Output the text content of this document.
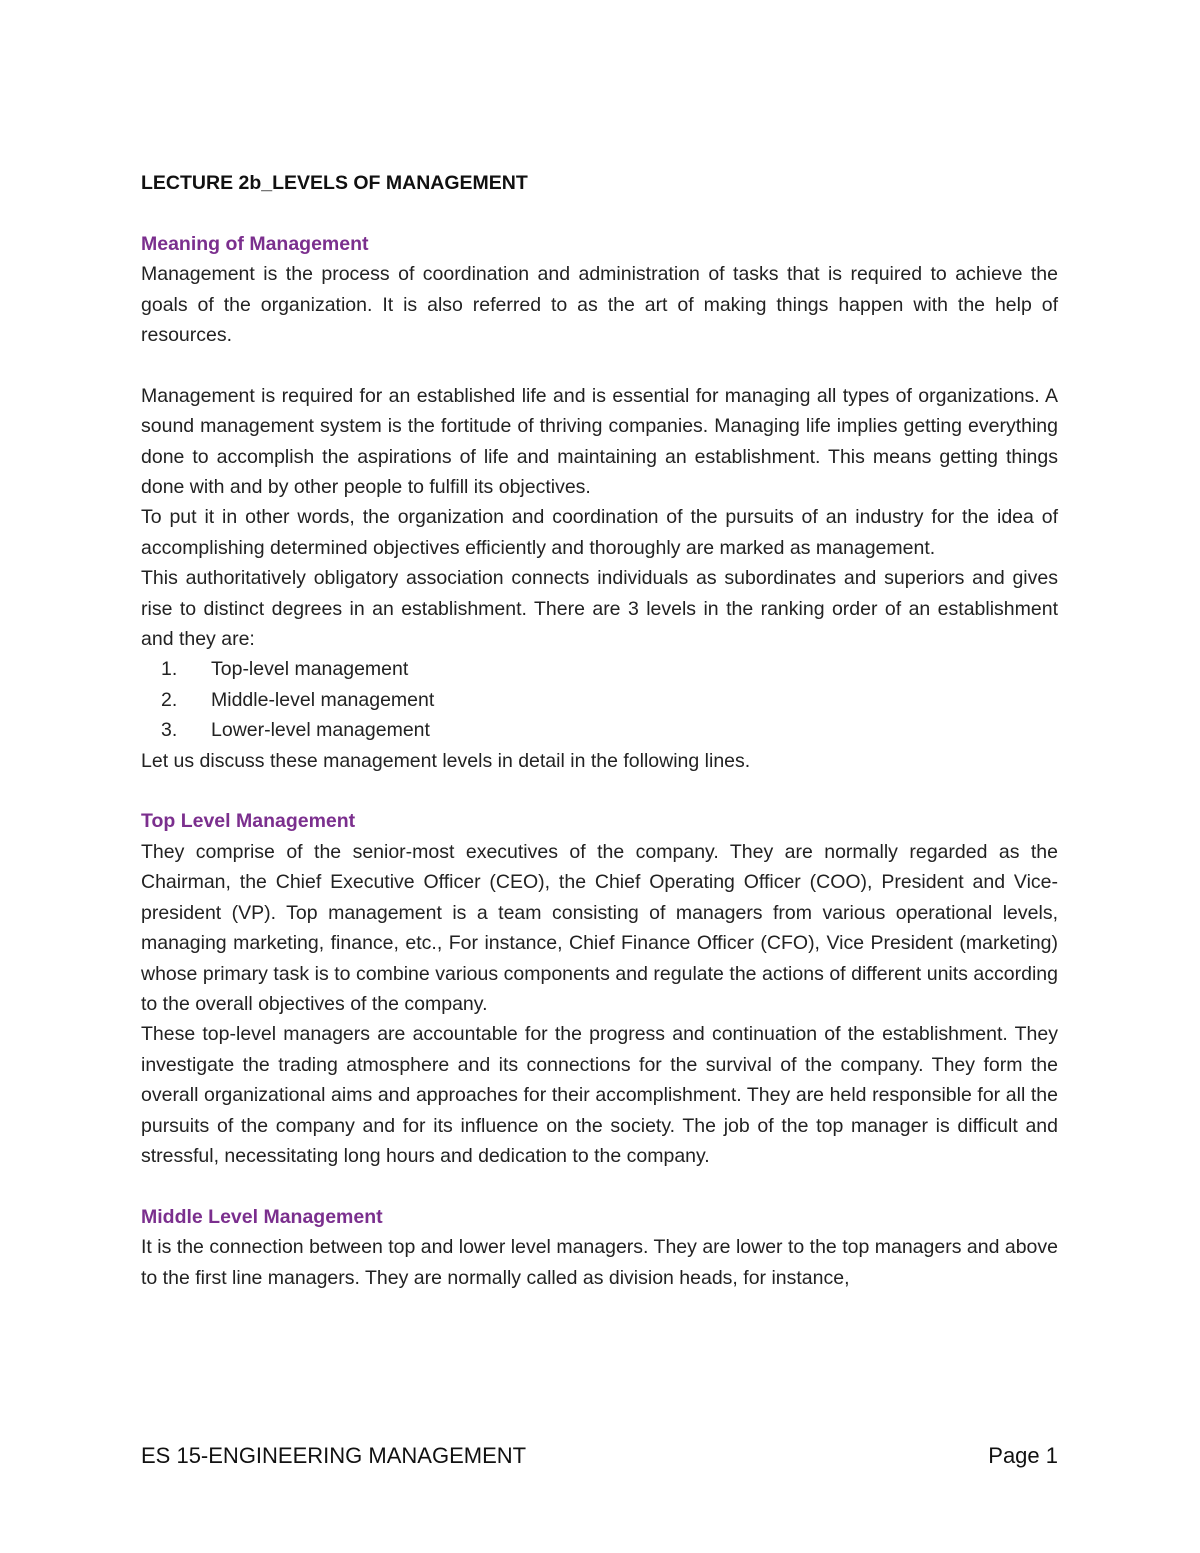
LECTURE 2b_LEVELS OF MANAGEMENT
Meaning of Management

Management is the process of coordination and administration of tasks that is required to achieve the goals of the organization. It is also referred to as the art of making things happen with the help of resources.

Management is required for an established life and is essential for managing all types of organizations. A sound management system is the fortitude of thriving companies. Managing life implies getting everything done to accomplish the aspirations of life and maintaining an establishment. This means getting things done with and by other people to fulfill its objectives.

To put it in other words, the organization and coordination of the pursuits of an industry for the idea of accomplishing determined objectives efficiently and thoroughly are marked as management.

This authoritatively obligatory association connects individuals as subordinates and superiors and gives rise to distinct degrees in an establishment. There are 3 levels in the ranking order of an establishment and they are:

1. Top-level management
2. Middle-level management
3. Lower-level management

Let us discuss these management levels in detail in the following lines.

Top Level Management

They comprise of the senior-most executives of the company. They are normally regarded as the Chairman, the Chief Executive Officer (CEO), the Chief Operating Officer (COO), President and Vice-president (VP). Top management is a team consisting of managers from various operational levels, managing marketing, finance, etc., For instance, Chief Finance Officer (CFO), Vice President (marketing) whose primary task is to combine various components and regulate the actions of different units according to the overall objectives of the company.

These top-level managers are accountable for the progress and continuation of the establishment. They investigate the trading atmosphere and its connections for the survival of the company. They form the overall organizational aims and approaches for their accomplishment. They are held responsible for all the pursuits of the company and for its influence on the society. The job of the top manager is difficult and stressful, necessitating long hours and dedication to the company.

Middle Level Management

It is the connection between top and lower level managers. They are lower to the top managers and above to the first line managers. They are normally called as division heads, for instance,

ES 15-ENGINEERING MANAGEMENT	Page 1
